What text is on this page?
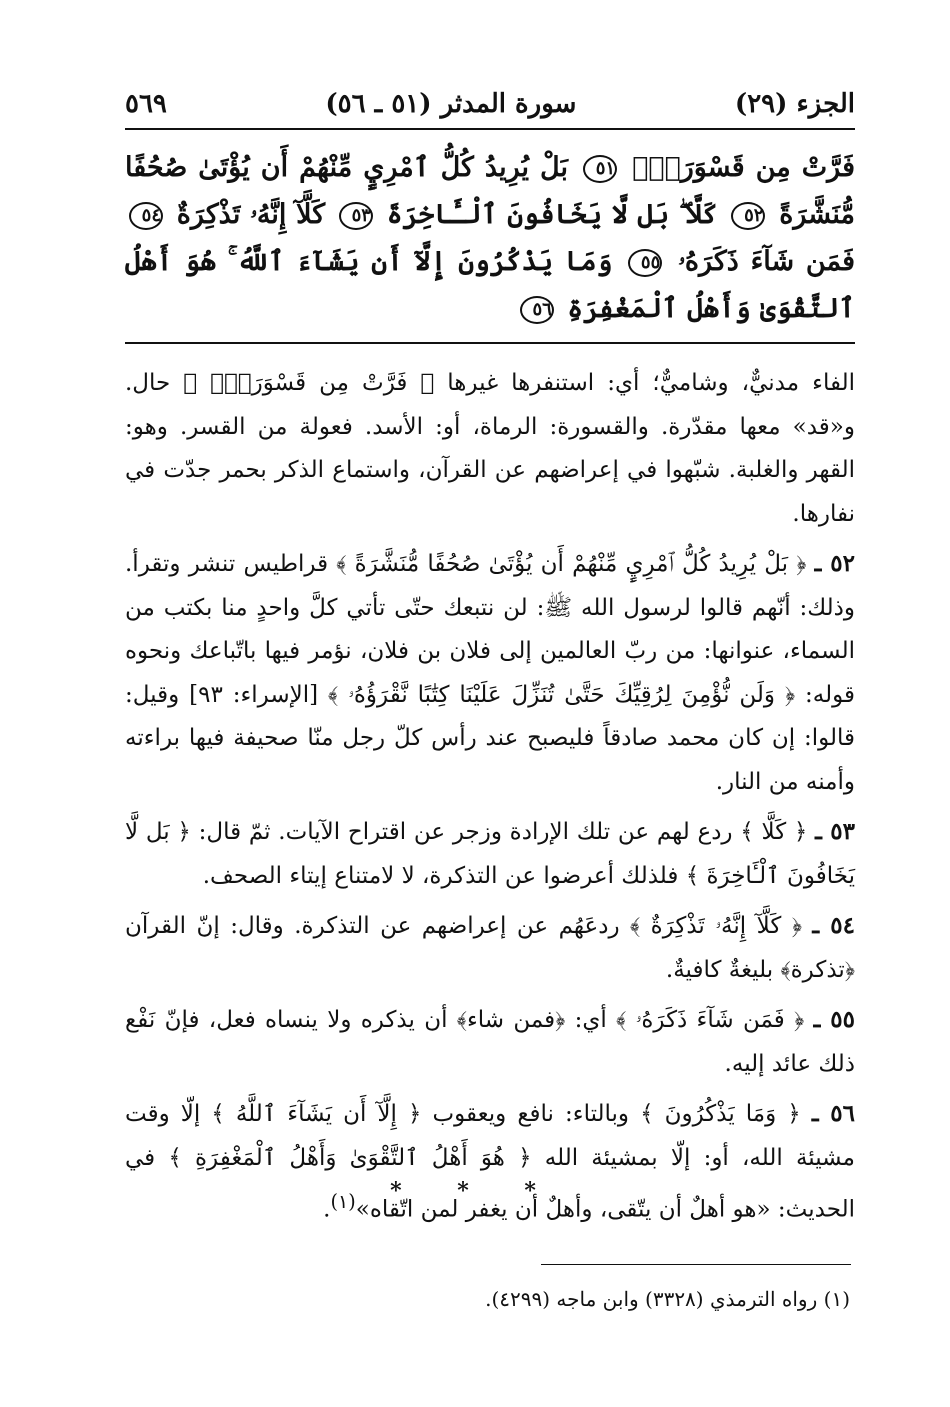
الجزء (٢٩)
سورة المدثر (٥١ ـ ٥٦)
٥٦٩
فَرَّتْ مِن قَسْوَرَةٍۭ ٥١ بَلْ يُرِيدُ كُلُّ ٱمْرِيٍٕ مِّنْهُمْ أَن يُؤْتَىٰ صُحُفًا مُّنَشَّرَةً ٥٢ كَلَّا ۖ بَل لَّا يَخَافُونَ ٱلْـَٔاخِرَةَ ٥٣ كَلَّآ إِنَّهُۥ تَذْكِرَةٌ ٥٤ فَمَن شَآءَ ذَكَرَهُۥ ٥٥ وَمَا يَذْكُرُونَ إِلَّآ أَن يَشَآءَ ٱللَّهُ ۚ هُوَ أَهْلُ ٱلتَّقْوَىٰ وَأَهْلُ ٱلْمَغْفِرَةِ ٥٦

الفاء مدنيٌّ، وشاميٌّ؛ أي: استنفرها غيرها ﴿ فَرَّتْ مِن قَسْوَرَةٍۭ ﴾ حال. و«قد» معها مقدّرة. والقسورة: الرماة، أو: الأسد. فعولة من القسر. وهو: القهر والغلبة. شبّهوا في إعراضهم عن القرآن، واستماع الذكر بحمر جدّت في نفارها.

٥٢ ـ ﴿ بَلْ يُرِيدُ كُلُّ ٱمْرِيٍٕ مِّنْهُمْ أَن يُؤْتَىٰ صُحُفًا مُّنَشَّرَةً ﴾ قراطيس تنشر وتقرأ. وذلك: أنّهم قالوا لرسول الله ﷺ: لن نتبعك حتّى تأتي كلَّ واحدٍ منا بكتب من السماء، عنوانها: من ربّ العالمين إلى فلان بن فلان، نؤمر فيها باتّباعك ونحوه قوله: ﴿ وَلَن نُّؤْمِنَ لِرُقِيِّكَ حَتَّىٰ تُنَزِّلَ عَلَيْنَا كِتَٰبًا نَّقْرَؤُهُۥ ﴾ [الإسراء: ٩٣] وقيل: قالوا: إن كان محمد صادقاً فليصبح عند رأس كلّ رجل منّا صحيفة فيها براءته وأمنه من النار.

٥٣ ـ ﴿ كَلَّا ﴾ ردع لهم عن تلك الإرادة وزجر عن اقتراح الآيات. ثمّ قال: ﴿ بَل لَّا يَخَافُونَ ٱلْـَٔاخِرَةَ ﴾ فلذلك أعرضوا عن التذكرة، لا لامتناع إيتاء الصحف.

٥٤ ـ ﴿ كَلَّآ إِنَّهُۥ تَذْكِرَةٌ ﴾ ردعَهُم عن إعراضهم عن التذكرة. وقال: إنّ القرآن ﴿تذكرة﴾ بليغةٌ كافيةٌ.

٥٥ ـ ﴿ فَمَن شَآءَ ذَكَرَهُۥ ﴾ أي: ﴿فمن شاء﴾ أن يذكره ولا ينساه فعل، فإنّ نَفْع ذلك عائد إليه.

٥٦ ـ ﴿ وَمَا يَذْكُرُونَ ﴾ وبالتاء: نافع ويعقوب ﴿ إِلَّآ أَن يَشَآءَ ٱللَّهُ ﴾ إلّا وقت مشيئة الله، أو: إلّا بمشيئة الله ﴿ هُوَ أَهْلُ ٱلتَّقْوَىٰ وَأَهْلُ ٱلْمَغْفِرَةِ ﴾ في الحديث: «هو أهلٌ أن يتّقى، وأهلٌ أن يغفر لمن اتّقاه»$^{(١)}$.

* * *
(١) رواه الترمذي (٣٣٢٨) وابن ماجه (٤٢٩٩).
